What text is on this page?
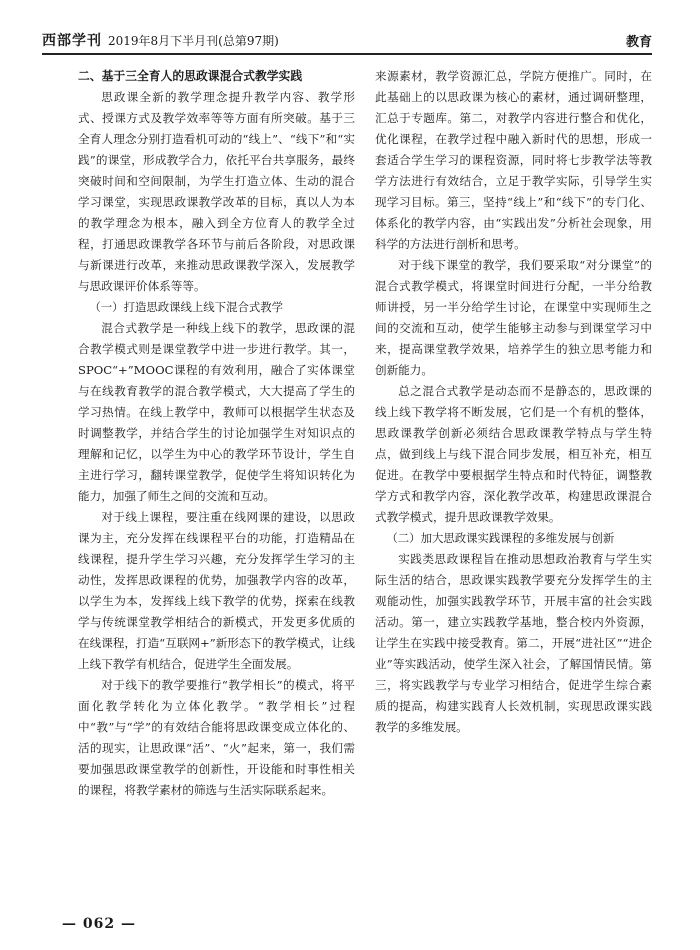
西部学刊 2019年8月下半月刊(总第97期)	教育
二、基于三全育人的思政课混合式教学实践

思政课全新的教学理念提升教学内容、教学形式、授课方式及教学效率等等方面有所突破。基于三全育人理念分别打造看机可动的“线上”、“线下”和“实践”的课堂，形成教学合力，依托平台共享服务，最终突破时间和空间限制，为学生打造立体、生动的混合学习课堂，实现思政课教学改革的目标，真以人为本的教学理念为根本，融入到全方位育人的教学全过程，打通思政课教学各环节与前后各阶段，对思政课与新课进行改革，来推动思政课教学深入，发展教学与思政课评价体系等等。

（一）打造思政课线上线下混合式教学

混合式教学是一种线上线下的教学，思政课的混合教学模式则是课堂教学中进一步进行教学。其一，SPOC“+”MOOC课程的有效利用，融合了实体课堂与在线教育教学的混合教学模式，大大提高了学生的学习热情。在线上教学中，教师可以根据学生状态及时调整教学，并结合学生的讨论加强学生对知识点的理解和记忆，以学生为中心的教学环节设计，学生自主进行学习，翻转课堂教学，促使学生将知识转化为能力，加强了师生之间的交流和互动。

对于线上课程，要注重在线网课的建设，以思政课为主，充分发挥在线课程平台的功能，打造精品在线课程，提升学生学习兴趣，充分发挥学生学习的主动性，发挥思政课程的优势，加强教学内容的改革，以学生为本，发挥线上线下教学的优势，探索在线教学与传统课堂教学相结合的新模式，开发更多优质的在线课程，打造“互联网+”新形态下的教学模式，让线上线下教学有机结合，促进学生全面发展。

对于线下的教学要推行“教学相长”的模式，将平面化教学转化为立体化教学。“教学相长”过程中“教”与“学”的有效结合能将思政课变成立体化的、活的现实，让思政课“活”、“火”起来，第一，我们需要加强思政课堂教学的创新性，开设能和时事性相关的课程，将教学素材的筛选与生活实际联系起来。

来源素材，教学资源汇总，学院方便推广。同时，在此基础上的以思政课为核心的素材，通过调研整理，汇总于专题库。第二，对教学内容进行整合和优化，优化课程，在教学过程中融入新时代的思想，形成一套适合学生学习的课程资源，同时将七步教学法等教学方法进行有效结合，立足于教学实际，引导学生实现学习目标。第三，坚持“线上”和“线下”的专门化、体系化的教学内容，由“实践出发”分析社会现象，用科学的方法进行剖析和思考。

对于线下课堂的教学，我们要采取“对分课堂”的混合式教学模式，将课堂时间进行分配，一半分给教师讲授，另一半分给学生讨论，在课堂中实现师生之间的交流和互动，使学生能够主动参与到课堂学习中来，提高课堂教学效果，培养学生的独立思考能力和创新能力。

总之混合式教学是动态而不是静态的，思政课的线上线下教学将不断发展，它们是一个有机的整体，思政课教学创新必须结合思政课教学特点与学生特点，做到线上与线下混合同步发展，相互补充，相互促进。在教学中要根据学生特点和时代特征，调整教学方式和教学内容，深化教学改革，构建思政课混合式教学模式，提升思政课教学效果。

（二）加大思政课实践课程的多维发展与创新

实践类思政课程旨在推动思想政治教育与学生实际生活的结合，思政课实践教学要充分发挥学生的主观能动性，加强实践教学环节，开展丰富的社会实践活动。第一，建立实践教学基地，整合校内外资源，让学生在实践中接受教育。第二，开展“进社区”“进企业”等实践活动，使学生深入社会，了解国情民情。第三，将实践教学与专业学习相结合，促进学生综合素质的提高，构建实践育人长效机制，实现思政课实践教学的多维发展。

— 062 —
